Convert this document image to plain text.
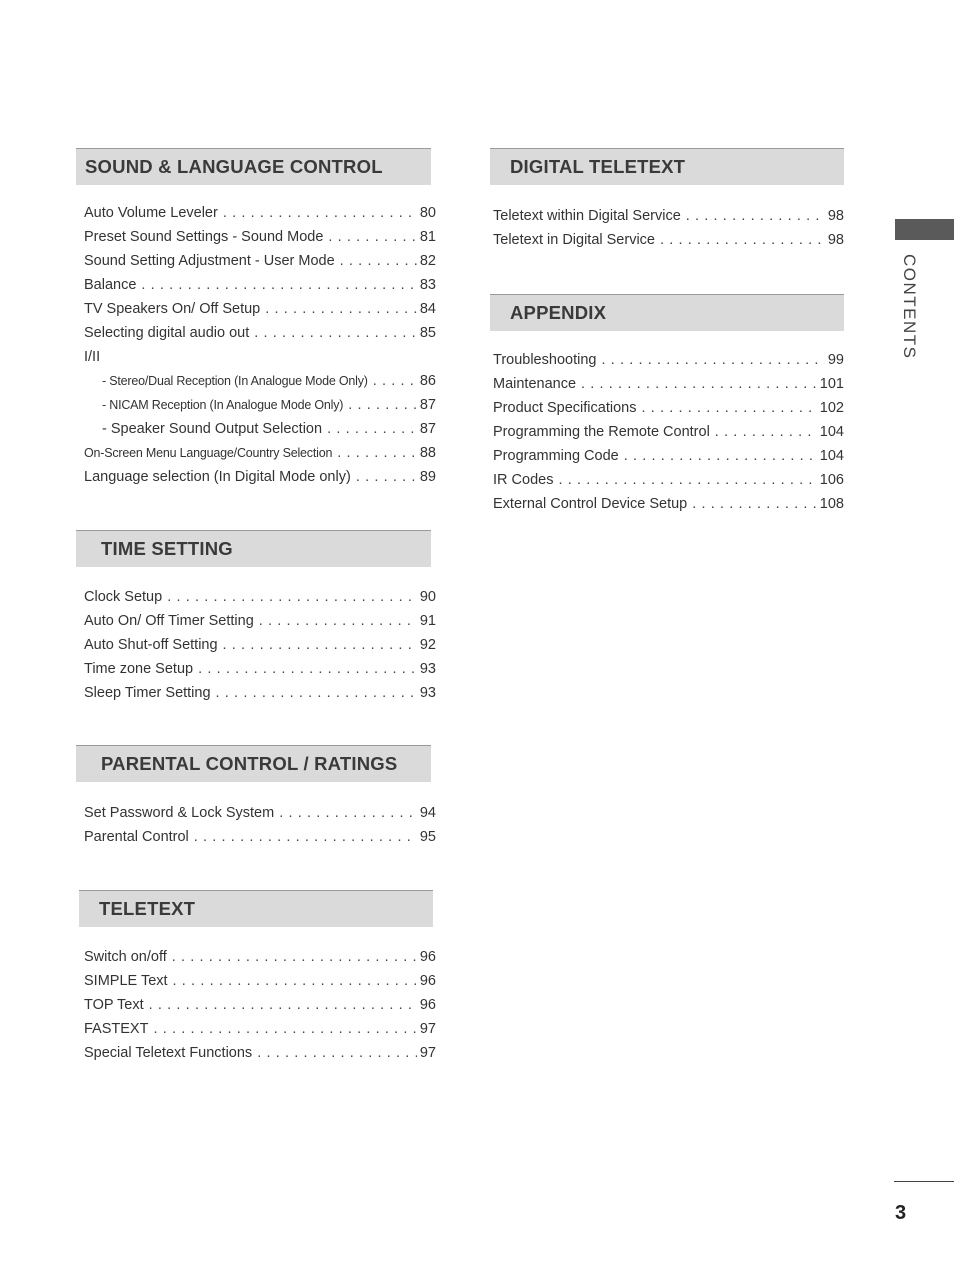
SOUND & LANGUAGE CONTROL
Auto Volume Leveler . . .	80
Preset Sound Settings - Sound Mode . . .	81
Sound Setting Adjustment - User Mode . . .	82
Balance . . .	83
TV Speakers On/ Off Setup . . .	84
Selecting digital audio out . . .	85
I/II
- Stereo/Dual Reception (In Analogue Mode Only) . . .	86
- NICAM Reception (In Analogue Mode Only) . . .	87
- Speaker Sound Output Selection . . .	87
On-Screen Menu Language/Country Selection . . .	88
Language selection (In Digital Mode only) . . .	89
TIME SETTING
Clock Setup . . .	90
Auto On/ Off Timer Setting . . .	91
Auto Shut-off Setting . . .	92
Time zone Setup . . .	93
Sleep Timer Setting . . .	93
PARENTAL CONTROL / RATINGS
Set Password & Lock System . . .	94
Parental Control . . .	95
TELETEXT
Switch on/off . . .	96
SIMPLE Text . . .	96
TOP Text . . .	96
FASTEXT . . .	97
Special Teletext Functions . . .	97
DIGITAL TELETEXT
Teletext within Digital Service . . .	98
Teletext in Digital Service . . .	98
APPENDIX
Troubleshooting . . .	99
Maintenance . . .	101
Product Specifications . . .	102
Programming the Remote Control . . .	104
Programming Code . . .	104
IR Codes . . .	106
External Control Device Setup . . .	108
CONTENTS
3
